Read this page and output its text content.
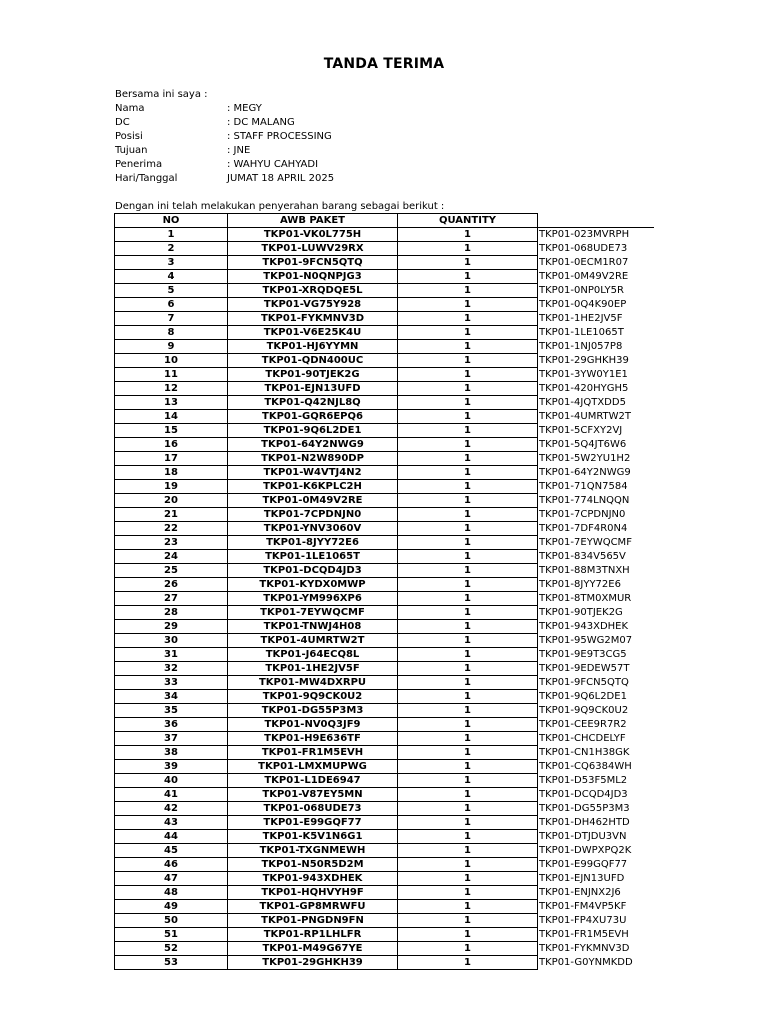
TANDA TERIMA
Bersama ini saya :
Nama	: MEGY
DC	: DC MALANG
Posisi	: STAFF PROCESSING
Tujuan	: JNE
Penerima	: WAHYU CAHYADI
Hari/Tanggal	JUMAT 18 APRIL 2025
Dengan ini telah melakukan penyerahan barang sebagai berikut :
NO	AWB PAKET	QUANTITY	
1	TKP01-VK0L775H	1	TKP01-023MVRPH
2	TKP01-LUWV29RX	1	TKP01-068UDE73
3	TKP01-9FCN5QTQ	1	TKP01-0ECM1R07
4	TKP01-N0QNPJG3	1	TKP01-0M49V2RE
5	TKP01-XRQDQE5L	1	TKP01-0NP0LY5R
6	TKP01-VG75Y928	1	TKP01-0Q4K90EP
7	TKP01-FYKMNV3D	1	TKP01-1HE2JV5F
8	TKP01-V6E25K4U	1	TKP01-1LE1065T
9	TKP01-HJ6YYMN	1	TKP01-1NJ057P8
10	TKP01-QDN400UC	1	TKP01-29GHKH39
11	TKP01-90TJEK2G	1	TKP01-3YW0Y1E1
12	TKP01-EJN13UFD	1	TKP01-420HYGH5
13	TKP01-Q42NJL8Q	1	TKP01-4JQTXDD5
14	TKP01-GQR6EPQ6	1	TKP01-4UMRTW2T
15	TKP01-9Q6L2DE1	1	TKP01-5CFXY2VJ
16	TKP01-64Y2NWG9	1	TKP01-5Q4JT6W6
17	TKP01-N2W890DP	1	TKP01-5W2YU1H2
18	TKP01-W4VTJ4N2	1	TKP01-64Y2NWG9
19	TKP01-K6KPLC2H	1	TKP01-71QN7584
20	TKP01-0M49V2RE	1	TKP01-774LNQQN
21	TKP01-7CPDNJN0	1	TKP01-7CPDNJN0
22	TKP01-YNV3060V	1	TKP01-7DF4R0N4
23	TKP01-8JYY72E6	1	TKP01-7EYWQCMF
24	TKP01-1LE1065T	1	TKP01-834V565V
25	TKP01-DCQD4JD3	1	TKP01-88M3TNXH
26	TKP01-KYDX0MWP	1	TKP01-8JYY72E6
27	TKP01-YM996XP6	1	TKP01-8TM0XMUR
28	TKP01-7EYWQCMF	1	TKP01-90TJEK2G
29	TKP01-TNWJ4H08	1	TKP01-943XDHEK
30	TKP01-4UMRTW2T	1	TKP01-95WG2M07
31	TKP01-J64ECQ8L	1	TKP01-9E9T3CG5
32	TKP01-1HE2JV5F	1	TKP01-9EDEW57T
33	TKP01-MW4DXRPU	1	TKP01-9FCN5QTQ
34	TKP01-9Q9CK0U2	1	TKP01-9Q6L2DE1
35	TKP01-DG55P3M3	1	TKP01-9Q9CK0U2
36	TKP01-NV0Q3JF9	1	TKP01-CEE9R7R2
37	TKP01-H9E636TF	1	TKP01-CHCDELYF
38	TKP01-FR1M5EVH	1	TKP01-CN1H38GK
39	TKP01-LMXMUPWG	1	TKP01-CQ6384WH
40	TKP01-L1DE6947	1	TKP01-D53F5ML2
41	TKP01-V87EY5MN	1	TKP01-DCQD4JD3
42	TKP01-068UDE73	1	TKP01-DG55P3M3
43	TKP01-E99GQF77	1	TKP01-DH462HTD
44	TKP01-K5V1N6G1	1	TKP01-DTJDU3VN
45	TKP01-TXGNMEWH	1	TKP01-DWPXPQ2K
46	TKP01-N50R5D2M	1	TKP01-E99GQF77
47	TKP01-943XDHEK	1	TKP01-EJN13UFD
48	TKP01-HQHVYH9F	1	TKP01-ENJNX2J6
49	TKP01-GP8MRWFU	1	TKP01-FM4VP5KF
50	TKP01-PNGDN9FN	1	TKP01-FP4XU73U
51	TKP01-RP1LHLFR	1	TKP01-FR1M5EVH
52	TKP01-M49G67YE	1	TKP01-FYKMNV3D
53	TKP01-29GHKH39	1	TKP01-G0YNMKDD
